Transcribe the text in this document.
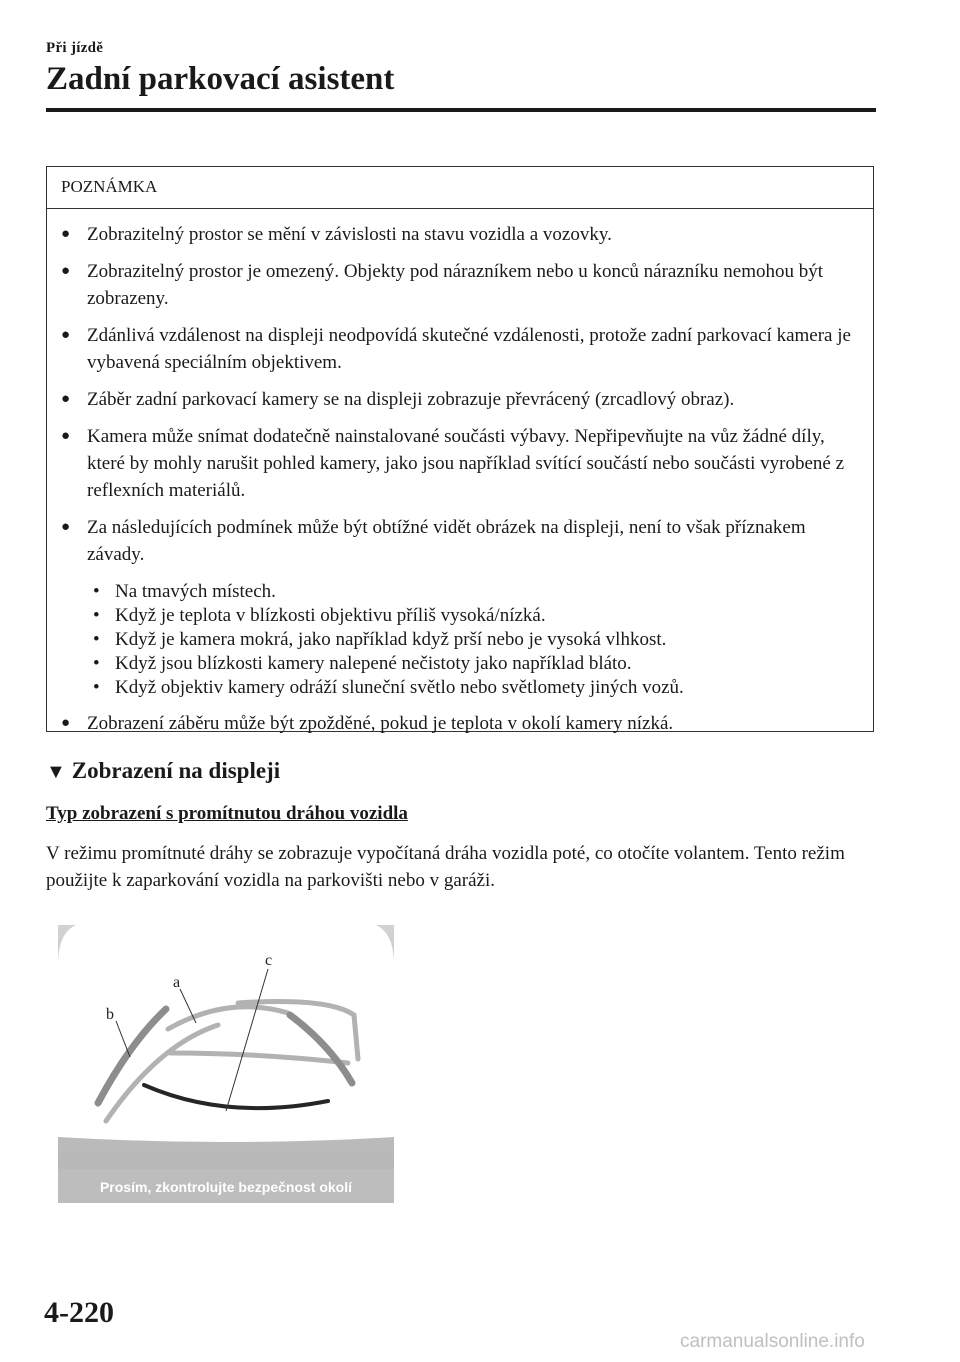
Při jízdě
Zadní parkovací asistent
POZNÁMKA
● Zobrazitelný prostor se mění v závislosti na stavu vozidla a vozovky.
● Zobrazitelný prostor je omezený. Objekty pod nárazníkem nebo u konců nárazníku nemohou být zobrazeny.
● Zdánlivá vzdálenost na displeji neodpovídá skutečné vzdálenosti, protože zadní parkovací kamera je vybavená speciálním objektivem.
● Záběr zadní parkovací kamery se na displeji zobrazuje převrácený (zrcadlový obraz).
● Kamera může snímat dodatečně nainstalované součásti výbavy. Nepřipevňujte na vůz žádné díly, které by mohly narušit pohled kamery, jako jsou například svítící součástí nebo součásti vyrobené z reflexních materiálů.
● Za následujících podmínek může být obtížné vidět obrázek na displeji, není to však příznakem závady.
• Na tmavých místech.
• Když je teplota v blízkosti objektivu příliš vysoká/nízká.
• Když je kamera mokrá, jako například když prší nebo je vysoká vlhkost.
• Když jsou blízkosti kamery nalepené nečistoty jako například bláto.
• Když objektiv kamery odráží sluneční světlo nebo světlomety jiných vozů.
● Zobrazení záběru může být zpožděné, pokud je teplota v okolí kamery nízká.
▼ Zobrazení na displeji
Typ zobrazení s promítnutou dráhou vozidla

V režimu promítnuté dráhy se zobrazuje vypočítaná dráha vozidla poté, co otočíte volantem. Tento režim použijte k zaparkování vozidla na parkovišti nebo v garáži.

a
b
c
Prosím, zkontrolujte bezpečnost okolí
4-220
carmanualsonline.info
